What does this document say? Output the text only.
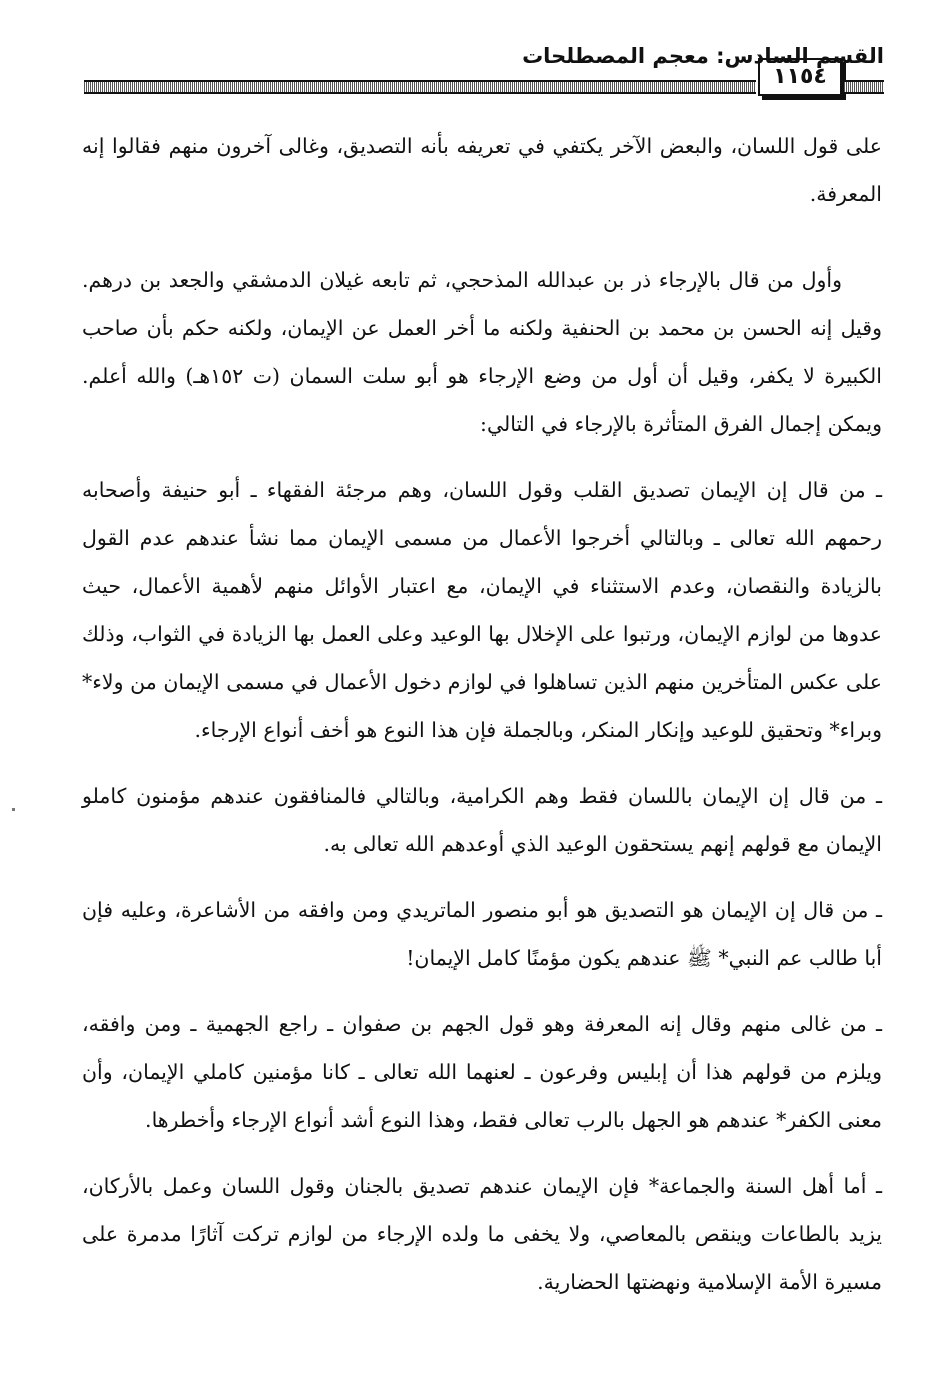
١١٥٤
القسم السادس: معجم المصطلحات

على قول اللسان، والبعض الآخر يكتفي في تعريفه بأنه التصديق، وغالى آخرون منهم فقالوا إنه المعرفة.

وأول من قال بالإرجاء ذر بن عبدالله المذحجي، ثم تابعه غيلان الدمشقي والجعد بن درهم. وقيل إنه الحسن بن محمد بن الحنفية ولكنه ما أخر العمل عن الإيمان، ولكنه حكم بأن صاحب الكبيرة لا يكفر، وقيل أن أول من وضع الإرجاء هو أبو سلت السمان (ت ١٥٢هـ) والله أعلم. ويمكن إجمال الفرق المتأثرة بالإرجاء في التالي:

ـ من قال إن الإيمان تصديق القلب وقول اللسان، وهم مرجئة الفقهاء ـ أبو حنيفة وأصحابه رحمهم الله تعالى ـ وبالتالي أخرجوا الأعمال من مسمى الإيمان مما نشأ عندهم عدم القول بالزيادة والنقصان، وعدم الاستثناء في الإيمان، مع اعتبار الأوائل منهم لأهمية الأعمال، حيث عدوها من لوازم الإيمان، ورتبوا على الإخلال بها الوعيد وعلى العمل بها الزيادة في الثواب، وذلك على عكس المتأخرين منهم الذين تساهلوا في لوازم دخول الأعمال في مسمى الإيمان من ولاء* وبراء* وتحقيق للوعيد وإنكار المنكر، وبالجملة فإن هذا النوع هو أخف أنواع الإرجاء.

ـ من قال إن الإيمان باللسان فقط وهم الكرامية، وبالتالي فالمنافقون عندهم مؤمنون كاملو الإيمان مع قولهم إنهم يستحقون الوعيد الذي أوعدهم الله تعالى به.

ـ من قال إن الإيمان هو التصديق هو أبو منصور الماتريدي ومن وافقه من الأشاعرة، وعليه فإن أبا طالب عم النبي* ﷺ عندهم يكون مؤمنًا كامل الإيمان!

ـ من غالى منهم وقال إنه المعرفة وهو قول الجهم بن صفوان ـ راجع الجهمية ـ ومن وافقه، ويلزم من قولهم هذا أن إبليس وفرعون ـ لعنهما الله تعالى ـ كانا مؤمنين كاملي الإيمان، وأن معنى الكفر* عندهم هو الجهل بالرب تعالى فقط، وهذا النوع أشد أنواع الإرجاء وأخطرها.

ـ أما أهل السنة والجماعة* فإن الإيمان عندهم تصديق بالجنان وقول اللسان وعمل بالأركان، يزيد بالطاعات وينقص بالمعاصي، ولا يخفى ما ولده الإرجاء من لوازم تركت آثارًا مدمرة على مسيرة الأمة الإسلامية ونهضتها الحضارية.
